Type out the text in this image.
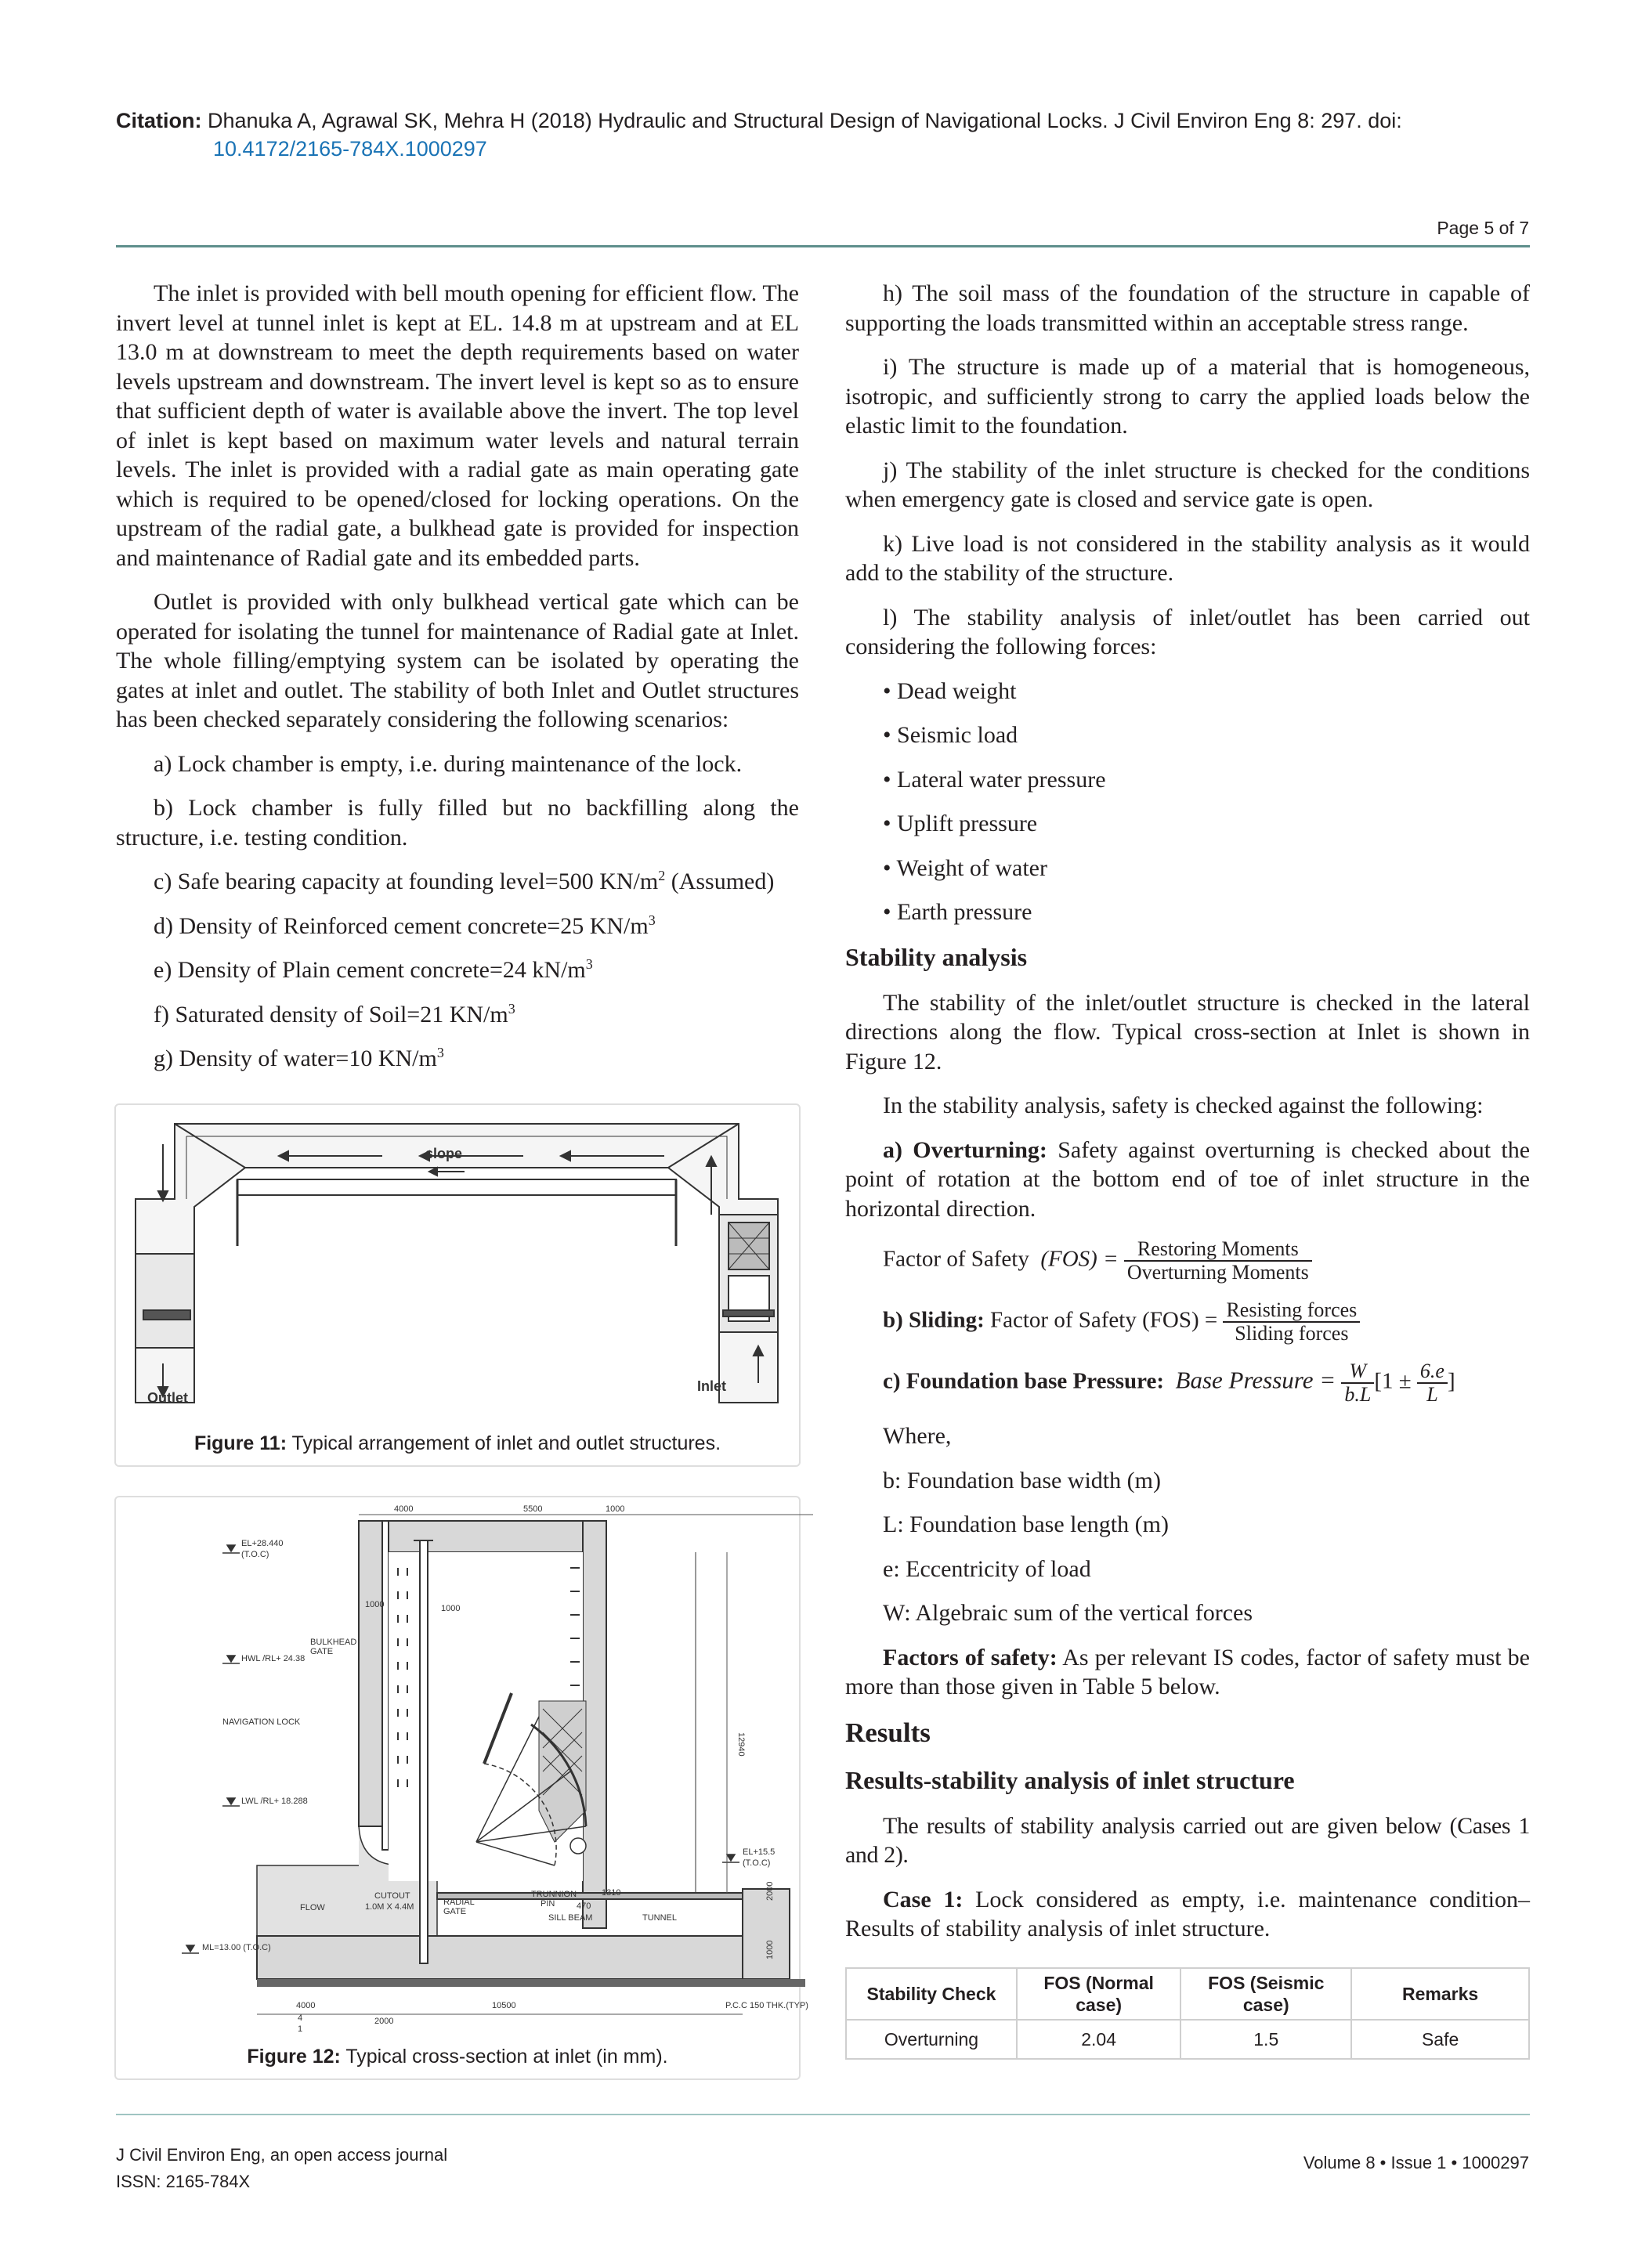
Citation: Dhanuka A, Agrawal SK, Mehra H (2018) Hydraulic and Structural Design of Navigational Locks. J Civil Environ Eng 8: 297. doi:
10.4172/2165-784X.1000297
Page 5 of 7

The inlet is provided with bell mouth opening for efficient flow. The invert level at tunnel inlet is kept at EL. 14.8 m at upstream and at EL 13.0 m at downstream to meet the depth requirements based on water levels upstream and downstream. The invert level is kept so as to ensure that sufficient depth of water is available above the invert. The top level of inlet is kept based on maximum water levels and natural terrain levels. The inlet is provided with a radial gate as main operating gate which is required to be opened/closed for locking operations. On the upstream of the radial gate, a bulkhead gate is provided for inspection and maintenance of Radial gate and its embedded parts.

Outlet is provided with only bulkhead vertical gate which can be operated for isolating the tunnel for maintenance of Radial gate at Inlet. The whole filling/emptying system can be isolated by operating the gates at inlet and outlet. The stability of both Inlet and Outlet structures has been checked separately considering the following scenarios:

a) Lock chamber is empty, i.e. during maintenance of the lock.

b) Lock chamber is fully filled but no backfilling along the structure, i.e. testing condition.

c) Safe bearing capacity at founding level=500 $KN/m^2$ (Assumed)

d) Density of Reinforced cement concrete=25 $KN/m^3$

e) Density of Plain cement concrete=24 $kN/m^3$

f) Saturated density of Soil=21 $KN/m^3$

g) Density of water=10 $KN/m^3$

slope
Outlet
Inlet
Figure 11: Typical arrangement of inlet and outlet structures.
4000	5500	1000
EL+28.440
(T.O.C)
1000	1000
HWL /RL+ 24.38
BULKHEAD
GATE
NAVIGATION LOCK
12940
LWL /RL+ 18.288
EL+15.5
(T.O.C)
CUTOUT
1.0M X 4.4M
FLOW
RADIAL
GATE
TRUNNION
PIN
1310
470
SILL BEAM	TUNNEL
2000
1000
ML=13.00 (T.O.C)
4000	10500
2000
P.C.C 150 THK.(TYP)
4
1
Figure 12: Typical cross-section at inlet (in mm).

h) The soil mass of the foundation of the structure in capable of supporting the loads transmitted within an acceptable stress range.

i) The structure is made up of a material that is homogeneous, isotropic, and sufficiently strong to carry the applied loads below the elastic limit to the foundation.

j) The stability of the inlet structure is checked for the conditions when emergency gate is closed and service gate is open.

k) Live load is not considered in the stability analysis as it would add to the stability of the structure.

l) The stability analysis of inlet/outlet has been carried out considering the following forces:

• Dead weight
• Seismic load
• Lateral water pressure
• Uplift pressure
• Weight of water
• Earth pressure
Stability analysis

The stability of the inlet/outlet structure is checked in the lateral directions along the flow. Typical cross-section at Inlet is shown in Figure 12.

In the stability analysis, safety is checked against the following:

a) Overturning: Safety against overturning is checked about the point of rotation at the bottom end of toe of inlet structure in the horizontal direction.

Factor of Safety $(FOS) = \frac{\text{Restoring Moments}}{\text{Overturning Moments}}$
b) Sliding: Factor of Safety $(FOS) = \frac{\text{Resisting forces}}{\text{Sliding forces}}$
c) Foundation base Pressure: Base Pressure = $\frac{W}{b.L} [1 \pm \frac{6.e}{L}$ ]

Where,

b: Foundation base width (m)

L: Foundation base length (m)

e: Eccentricity of load

W: Algebraic sum of the vertical forces

Factors of safety: As per relevant IS codes, factor of safety must be more than those given in Table 5 below.

Results
Results-stability analysis of inlet structure

The results of stability analysis carried out are given below (Cases 1 and 2).

Case 1: Lock considered as empty, i.e. maintenance condition– Results of stability analysis of inlet structure.

Stability Check	FOS (Normal case)	FOS (Seismic case)	Remarks
Overturning	2.04	1.5	Safe
J Civil Environ Eng, an open access journal
ISSN: 2165-784X
Volume 8 • Issue 1 • 1000297
